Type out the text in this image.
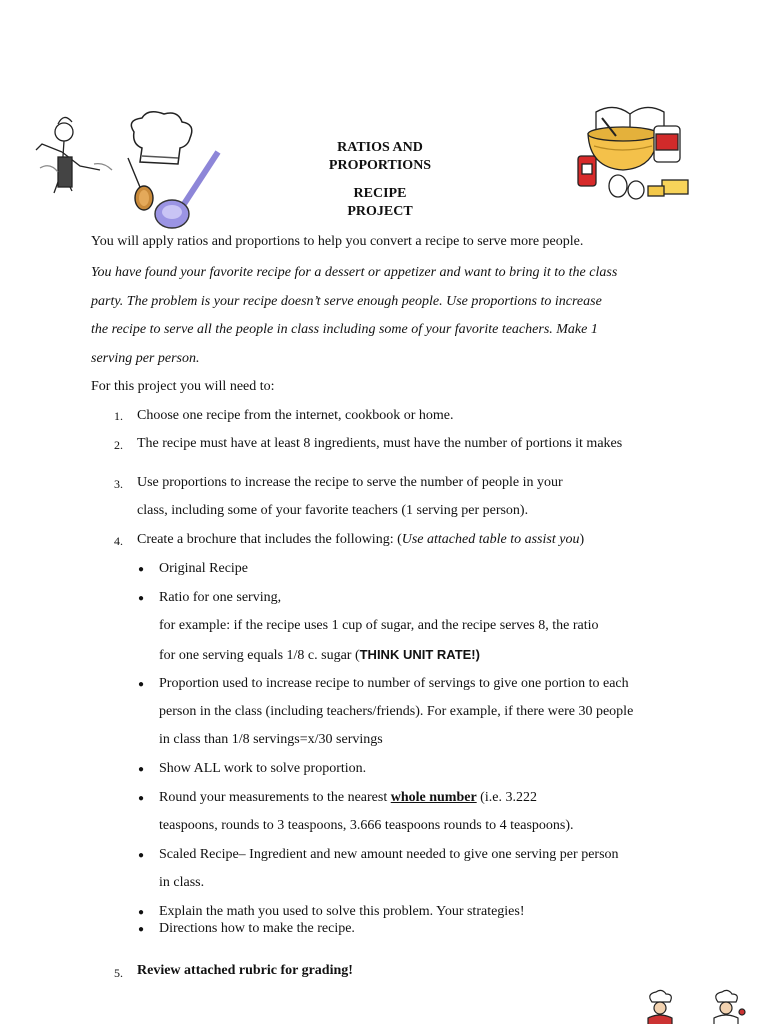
RATIOS AND
PROPORTIONS
RECIPE
PROJECT
You will apply ratios and proportions to help you convert a recipe to serve more people.
You have found your favorite recipe for a dessert or appetizer and want to bring it to the class
party. The problem is your recipe doesn’t serve enough people. Use proportions to increase
the recipe to serve all the people in class including some of your favorite teachers. Make 1
serving per person.
For this project you will need to:
1. Choose one recipe from the internet, cookbook or home.
2. The recipe must have at least 8 ingredients, must have the number of portions it makes
3. Use proportions to increase the recipe to serve the number of people in your
class, including some of your favorite teachers (1 serving per person).
4. Create a brochure that includes the following: (Use attached table to assist you)
● Original Recipe
● Ratio for one serving,
for example: if the recipe uses 1 cup of sugar, and the recipe serves 8, the ratio
for one serving equals 1/8 c. sugar (THINK UNIT RATE!)
● Proportion used to increase recipe to number of servings to give one portion to each
person in the class (including teachers/friends). For example, if there were 30 people
in class than 1/8 servings=x/30 servings
● Show ALL work to solve proportion.
● Round your measurements to the nearest whole number (i.e. 3.222
teaspoons, rounds to 3 teaspoons, 3.666 teaspoons rounds to 4 teaspoons).
● Scaled Recipe– Ingredient and new amount needed to give one serving per person
in class.
● Explain the math you used to solve this problem. Your strategies!
● Directions how to make the recipe.
5. Review attached rubric for grading!
